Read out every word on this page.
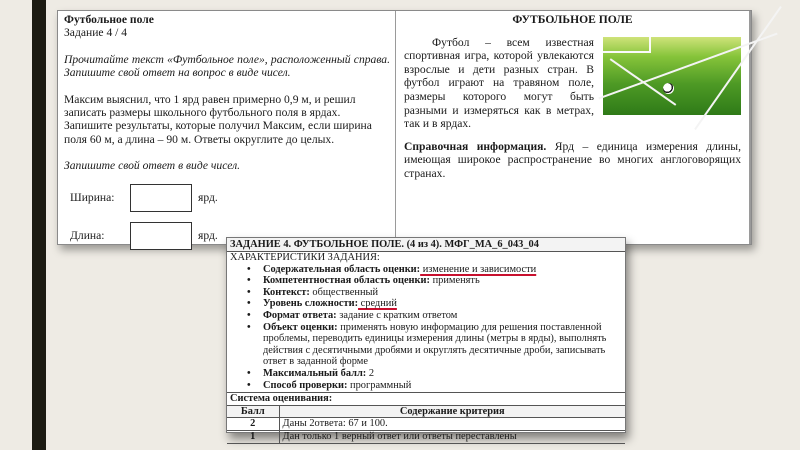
Футбольное поле
Задание 4 / 4
Прочитайте текст «Футбольное поле», расположенный справа. Запишите свой ответ на вопрос в виде чисел.
Максим выяснил, что 1 ярд равен примерно 0,9 м, и решил записать размеры школьного футбольного поля в ярдах. Запишите результаты, которые получил Максим, если ширина поля 60 м, а длина – 90 м. Ответы округлите до целых.
Запишите свой ответ в виде чисел.
Ширина:	ярд.
Длина:	ярд.
ФУТБОЛЬНОЕ ПОЛЕ

Футбол – всем известная спортивная игра, которой увлекаются взрослые и дети разных стран. В футбол играют на травяном поле, размеры которого могут быть разными и измеряться как в метрах, так и в ярдах.

Справочная информация. Ярд – единица измерения длины, имеющая широкое распространение во многих англоговорящих странах.

ЗАДАНИЕ 4. ФУТБОЛЬНОЕ ПОЛЕ. (4 из 4). МФГ_МА_6_043_04
ХАРАКТЕРИСТИКИ ЗАДАНИЯ:
• Содержательная область оценки: изменение и зависимости
• Компетентностная область оценки: применять
• Контекст: общественный
• Уровень сложности: средний
• Формат ответа: задание с кратким ответом
• Объект оценки: применять новую информацию для решения поставленной проблемы, переводить единицы измерения длины (метры в ярды), выполнять действия с десятичными дробями и округлять десятичные дроби, записывать ответ в заданной форме
• Максимальный балл: 2
• Способ проверки: программный
Система оценивания:
Балл	Содержание критерия
2	Даны 2ответа: 67 и 100.
1	Дан только 1 верный ответ или ответы переставлены
